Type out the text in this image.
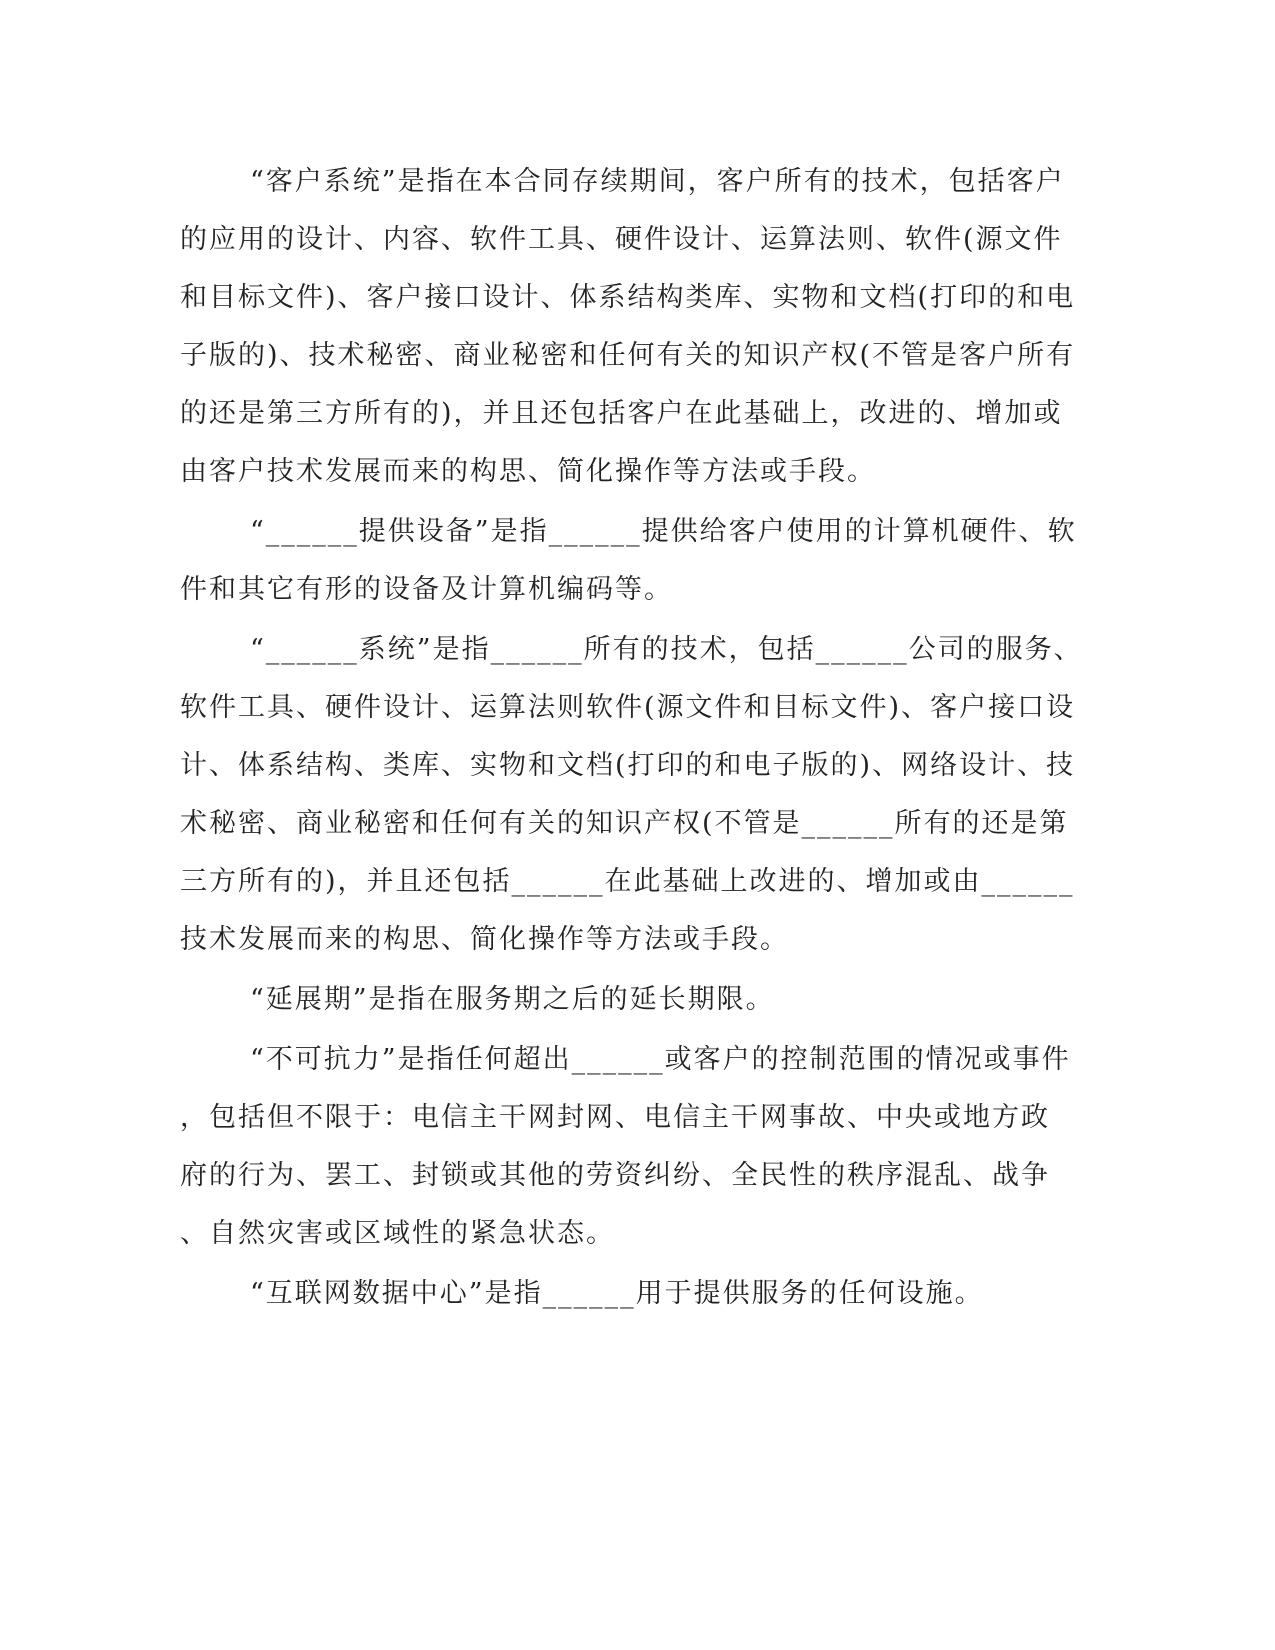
“客户系统”是指在本合同存续期间，客户所有的技术，包括客户
的应用的设计、内容、软件工具、硬件设计、运算法则、软件(源文件
和目标文件)、客户接口设计、体系结构类库、实物和文档(打印的和电
子版的)、技术秘密、商业秘密和任何有关的知识产权(不管是客户所有
的还是第三方所有的)，并且还包括客户在此基础上，改进的、增加或
由客户技术发展而来的构思、简化操作等方法或手段。
“______提供设备”是指______提供给客户使用的计算机硬件、软
件和其它有形的设备及计算机编码等。
“______系统”是指______所有的技术，包括______公司的服务、
软件工具、硬件设计、运算法则软件(源文件和目标文件)、客户接口设
计、体系结构、类库、实物和文档(打印的和电子版的)、网络设计、技
术秘密、商业秘密和任何有关的知识产权(不管是______所有的还是第
三方所有的)，并且还包括______在此基础上改进的、增加或由______
技术发展而来的构思、简化操作等方法或手段。
“延展期”是指在服务期之后的延长期限。
“不可抗力”是指任何超出______或客户的控制范围的情况或事件
，包括但不限于：电信主干网封网、电信主干网事故、中央或地方政
府的行为、罢工、封锁或其他的劳资纠纷、全民性的秩序混乱、战争
、自然灾害或区域性的紧急状态。
“互联网数据中心”是指______用于提供服务的任何设施。
